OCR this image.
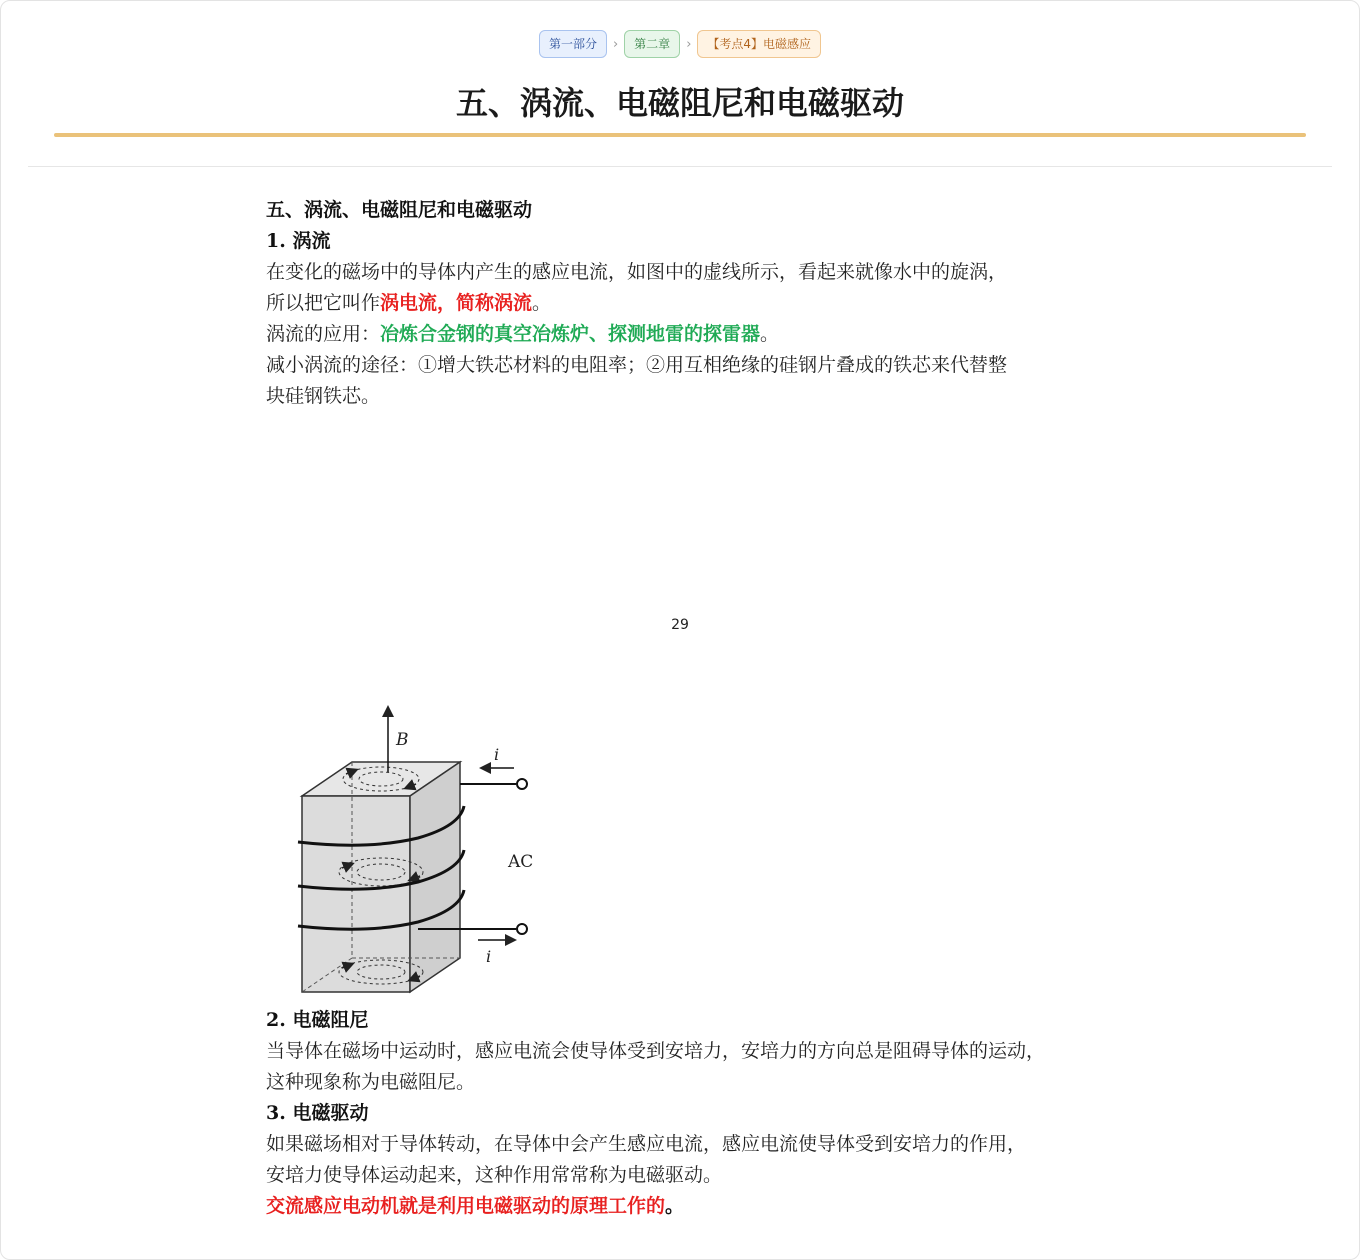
第一部分	›	第二章	›	【考点4】电磁感应
五、涡流、电磁阻尼和电磁驱动
五、涡流、电磁阻尼和电磁驱动
1. 涡流
在变化的磁场中的导体内产生的感应电流，如图中的虚线所示，看起来就像水中的旋涡，
所以把它叫作涡电流，简称涡流。
涡流的应用：冶炼合金钢的真空冶炼炉、探测地雷的探雷器。
减小涡流的途径：①增大铁芯材料的电阻率；②用互相绝缘的硅钢片叠成的铁芯来代替整
块硅钢铁芯。
29
B
i
i
AC
2. 电磁阻尼
当导体在磁场中运动时，感应电流会使导体受到安培力，安培力的方向总是阻碍导体的运动，
这种现象称为电磁阻尼。
3. 电磁驱动
如果磁场相对于导体转动，在导体中会产生感应电流，感应电流使导体受到安培力的作用，
安培力使导体运动起来，这种作用常常称为电磁驱动。
交流感应电动机就是利用电磁驱动的原理工作的。
